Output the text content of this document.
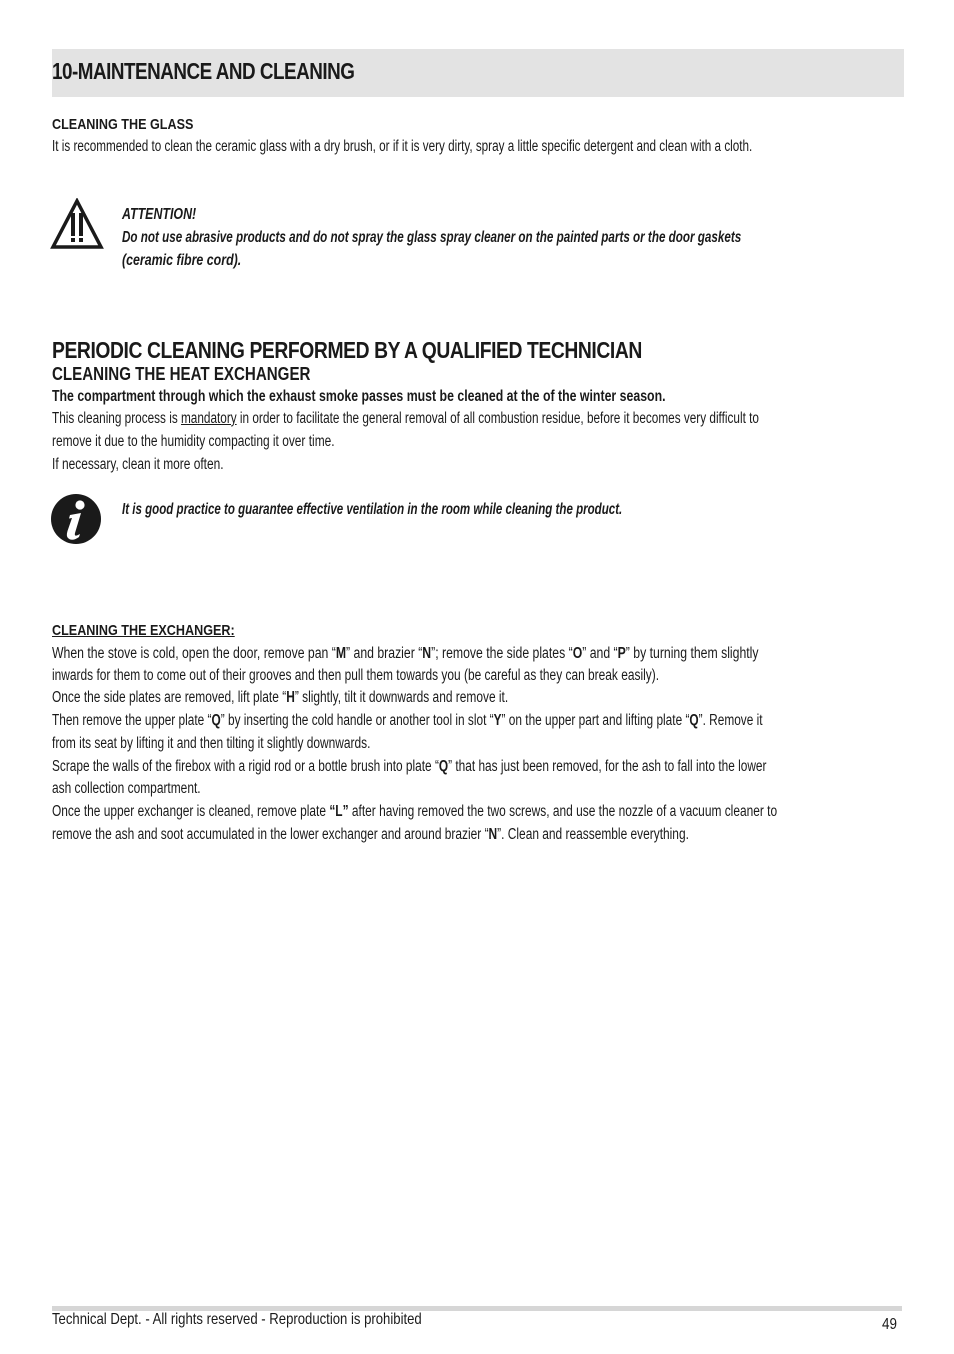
10-MAINTENANCE AND CLEANING
CLEANING THE GLASS
It is recommended to clean the ceramic glass with a dry brush, or if it is very dirty, spray a little specific detergent and clean with a cloth.
ATTENTION!
Do not use abrasive products and do not spray the glass spray cleaner on the painted parts or the door gaskets
(ceramic fibre cord).
PERIODIC CLEANING PERFORMED BY A QUALIFIED TECHNICIAN
CLEANING THE HEAT EXCHANGER
The compartment through which the exhaust smoke passes must be cleaned at the of the winter season.
This cleaning process is mandatory in order to facilitate the general removal of all combustion residue, before it becomes very difficult to
remove it due to the humidity compacting it over time.
If necessary, clean it more often.
It is good practice to guarantee effective ventilation in the room while cleaning the product.
CLEANING THE EXCHANGER:
When the stove is cold, open the door, remove pan “M” and brazier “N”; remove the side plates “O” and “P” by turning them slightly
inwards for them to come out of their grooves and then pull them towards you (be careful as they can break easily).
Once the side plates are removed, lift plate “H” slightly, tilt it downwards and remove it.
Then remove the upper plate “Q” by inserting the cold handle or another tool in slot “Y” on the upper part and lifting plate “Q”. Remove it
from its seat by lifting it and then tilting it slightly downwards.
Scrape the walls of the firebox with a rigid rod or a bottle brush into plate “Q” that has just been removed, for the ash to fall into the lower
ash collection compartment.
Once the upper exchanger is cleaned, remove plate “L” after having removed the two screws, and use the nozzle of a vacuum cleaner to
remove the ash and soot accumulated in the lower exchanger and around brazier “N”. Clean and reassemble everything.
Technical Dept. - All rights reserved - Reproduction is prohibited	49
